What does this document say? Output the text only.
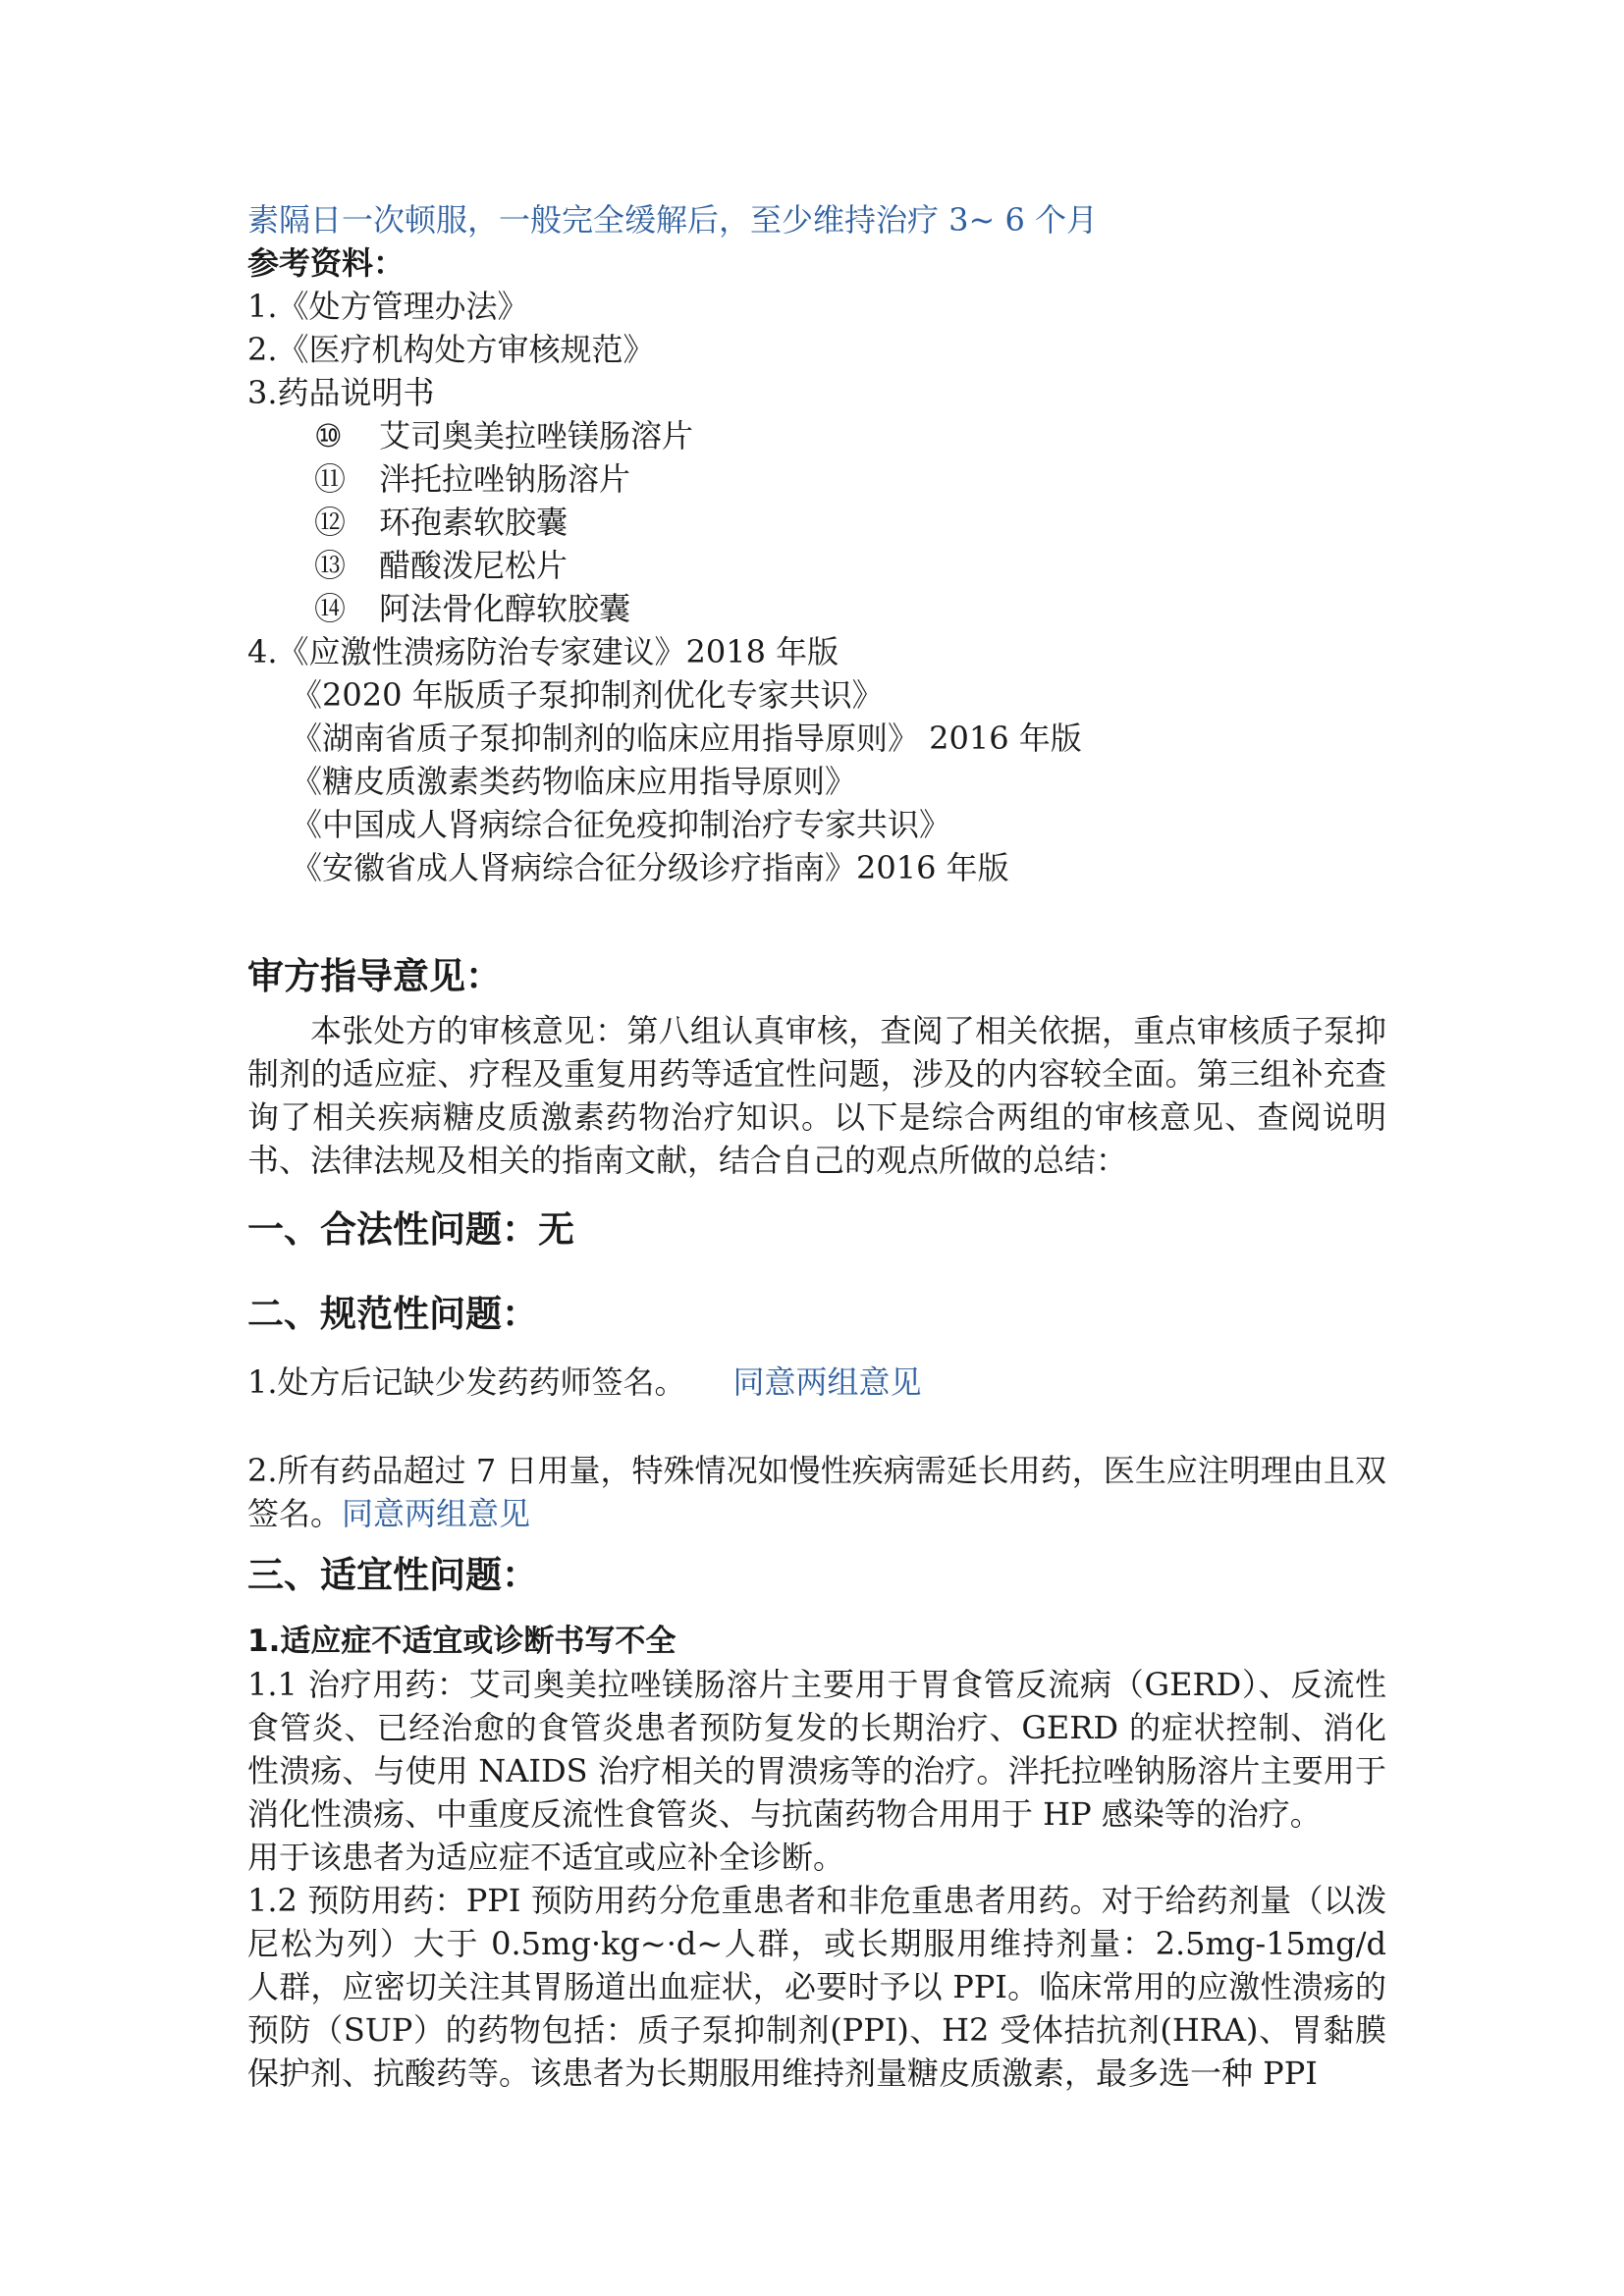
素隔日一次顿服，一般完全缓解后，至少维持治疗 3~ 6 个月

参考资料：

1.《处方管理办法》

2.《医疗机构处方审核规范》

3.药品说明书

⑩ 艾司奥美拉唑镁肠溶片

⑪ 泮托拉唑钠肠溶片

⑫ 环孢素软胶囊

⑬ 醋酸泼尼松片

⑭ 阿法骨化醇软胶囊

4.《应激性溃疡防治专家建议》2018 年版

《2020 年版质子泵抑制剂优化专家共识》

《湖南省质子泵抑制剂的临床应用指导原则》 2016 年版

《糖皮质激素类药物临床应用指导原则》

《中国成人肾病综合征免疫抑制治疗专家共识》

《安徽省成人肾病综合征分级诊疗指南》2016 年版

审方指导意见：

本张处方的审核意见：第八组认真审核，查阅了相关依据，重点审核质子泵抑制剂的适应症、疗程及重复用药等适宜性问题，涉及的内容较全面。第三组补充查询了相关疾病糖皮质激素药物治疗知识。以下是综合两组的审核意见、查阅说明书、法律法规及相关的指南文献，结合自己的观点所做的总结：

一、合法性问题：无

二、规范性问题：

1.处方后记缺少发药药师签名。 同意两组意见

2.所有药品超过 7 日用量，特殊情况如慢性疾病需延长用药，医生应注明理由且双签名。同意两组意见

三、适宜性问题：

1.适应症不适宜或诊断书写不全

1.1 治疗用药：艾司奥美拉唑镁肠溶片主要用于胃食管反流病（GERD）、反流性食管炎、已经治愈的食管炎患者预防复发的长期治疗、GERD 的症状控制、消化性溃疡、与使用 NAIDS 治疗相关的胃溃疡等的治疗。泮托拉唑钠肠溶片主要用于消化性溃疡、中重度反流性食管炎、与抗菌药物合用用于 HP 感染等的治疗。

用于该患者为适应症不适宜或应补全诊断。

1.2 预防用药：PPI 预防用药分危重患者和非危重患者用药。对于给药剂量（以泼尼松为列）大于 0.5mg·kg~·d~人群，或长期服用维持剂量：2.5mg-15mg/d 人群，应密切关注其胃肠道出血症状，必要时予以 PPI。临床常用的应激性溃疡的预防（SUP）的药物包括：质子泵抑制剂(PPI)、H2 受体拮抗剂(HRA)、胃黏膜保护剂、抗酸药等。该患者为长期服用维持剂量糖皮质激素，最多选一种 PPI
